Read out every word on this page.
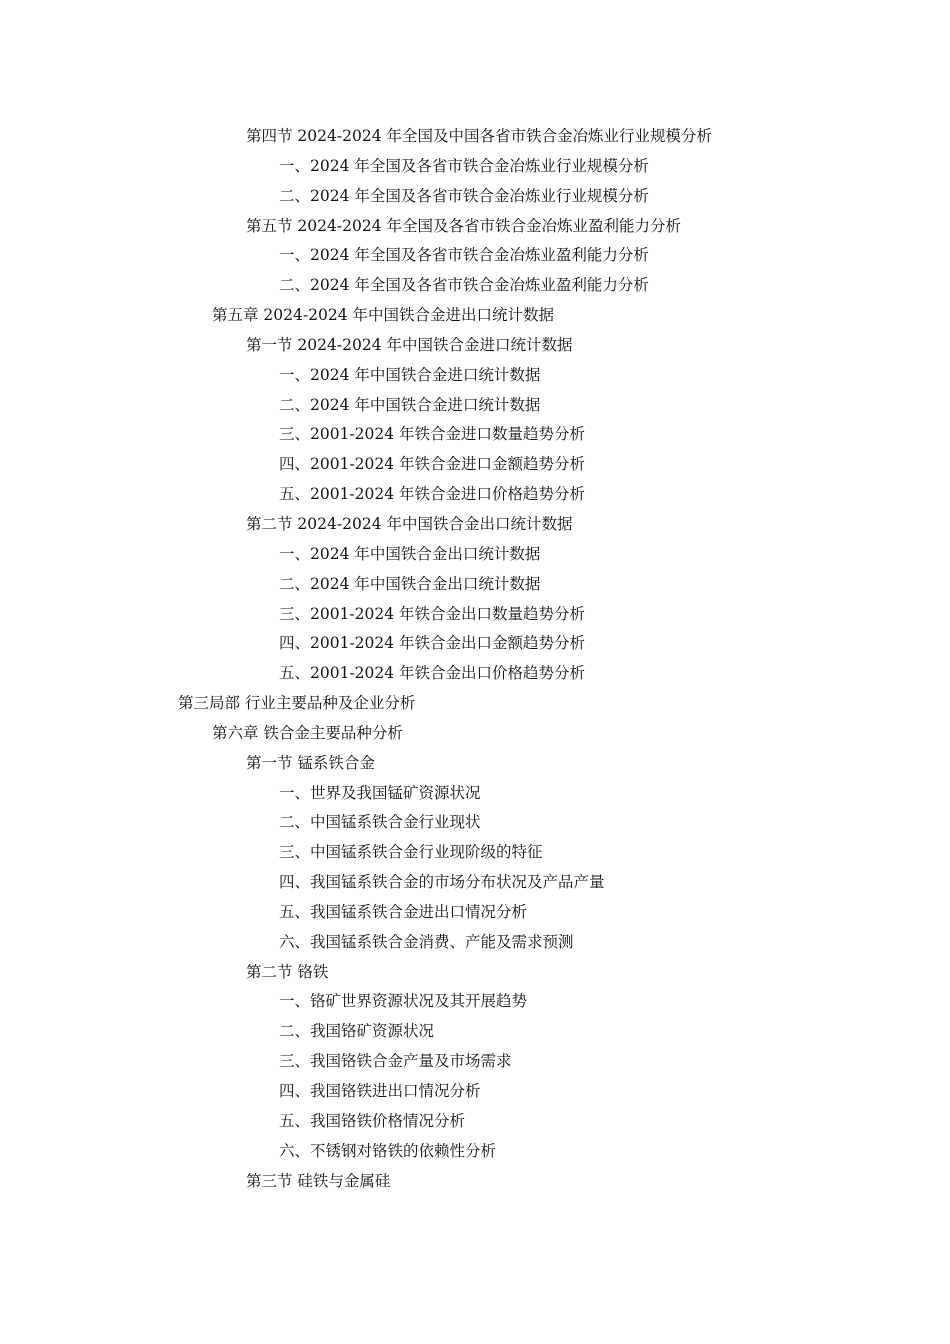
第四节 2024-2024 年全国及中国各省市铁合金冶炼业行业规模分析
一、2024 年全国及各省市铁合金冶炼业行业规模分析
二、2024 年全国及各省市铁合金冶炼业行业规模分析
第五节 2024-2024 年全国及各省市铁合金冶炼业盈利能力分析
一、2024 年全国及各省市铁合金冶炼业盈利能力分析
二、2024 年全国及各省市铁合金冶炼业盈利能力分析
第五章 2024-2024 年中国铁合金进出口统计数据
第一节 2024-2024 年中国铁合金进口统计数据
一、2024 年中国铁合金进口统计数据
二、2024 年中国铁合金进口统计数据
三、2001-2024 年铁合金进口数量趋势分析
四、2001-2024 年铁合金进口金额趋势分析
五、2001-2024 年铁合金进口价格趋势分析
第二节 2024-2024 年中国铁合金出口统计数据
一、2024 年中国铁合金出口统计数据
二、2024 年中国铁合金出口统计数据
三、2001-2024 年铁合金出口数量趋势分析
四、2001-2024 年铁合金出口金额趋势分析
五、2001-2024 年铁合金出口价格趋势分析
第三局部 行业主要品种及企业分析
第六章 铁合金主要品种分析
第一节 锰系铁合金
一、世界及我国锰矿资源状况
二、中国锰系铁合金行业现状
三、中国锰系铁合金行业现阶级的特征
四、我国锰系铁合金的市场分布状况及产品产量
五、我国锰系铁合金进出口情况分析
六、我国锰系铁合金消费、产能及需求预测
第二节 铬铁
一、铬矿世界资源状况及其开展趋势
二、我国铬矿资源状况
三、我国铬铁合金产量及市场需求
四、我国铬铁进出口情况分析
五、我国铬铁价格情况分析
六、不锈钢对铬铁的依赖性分析
第三节 硅铁与金属硅
